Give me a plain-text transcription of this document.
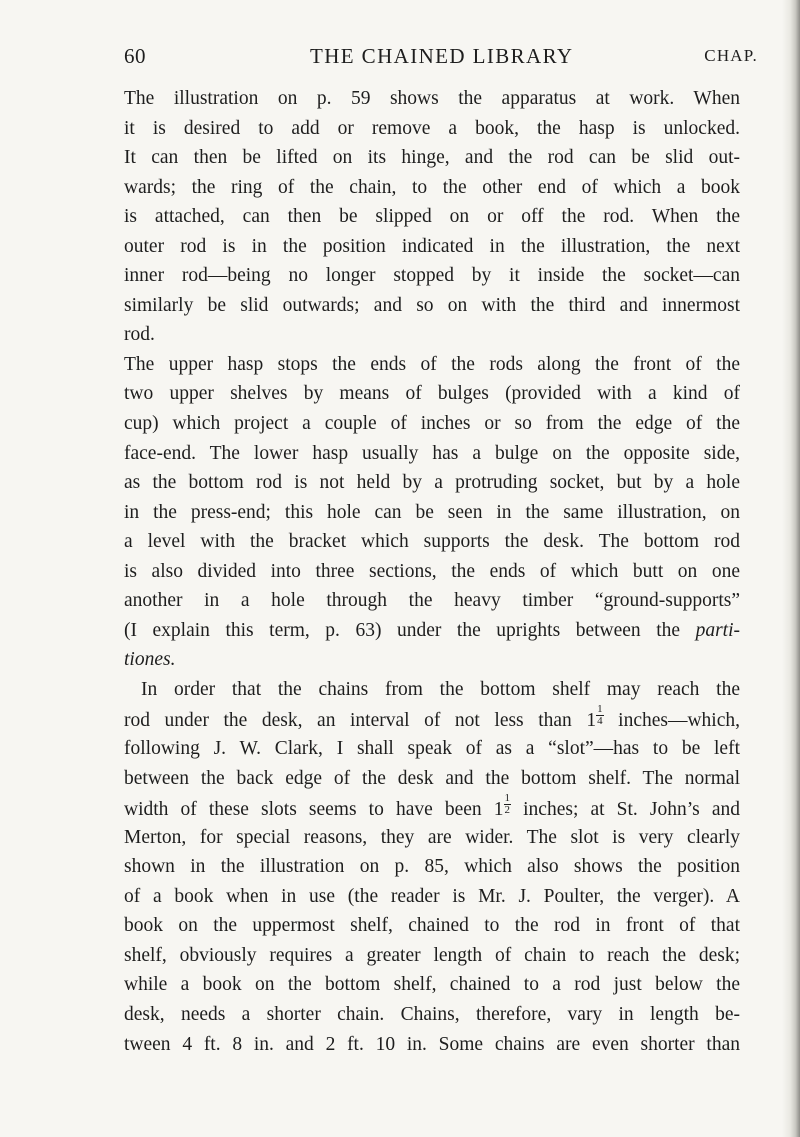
60	THE CHAINED LIBRARY	CHAP.
The illustration on p. 59 shows the apparatus at work. When
it is desired to add or remove a book, the hasp is unlocked.
It can then be lifted on its hinge, and the rod can be slid out-
wards; the ring of the chain, to the other end of which a book
is attached, can then be slipped on or off the rod. When the
outer rod is in the position indicated in the illustration, the next
inner rod—being no longer stopped by it inside the socket—can
similarly be slid outwards; and so on with the third and innermost
rod.
The upper hasp stops the ends of the rods along the front of the
two upper shelves by means of bulges (provided with a kind of
cup) which project a couple of inches or so from the edge of the
face-end. The lower hasp usually has a bulge on the opposite side,
as the bottom rod is not held by a protruding socket, but by a hole
in the press-end; this hole can be seen in the same illustration, on
a level with the bracket which supports the desk. The bottom rod
is also divided into three sections, the ends of which butt on one
another in a hole through the heavy timber “ground-supports”
(I explain this term, p. 63) under the uprights between the parti-
tiones.
In order that the chains from the bottom shelf may reach the
rod under the desk, an interval of not less than $1 \frac{1}{4}$ inches—which,
following J. W. Clark, I shall speak of as a “slot”—has to be left
between the back edge of the desk and the bottom shelf. The normal
width of these slots seems to have been $1 \frac{1}{2}$ inches; at St. John’s and
Merton, for special reasons, they are wider. The slot is very clearly
shown in the illustration on p. 85, which also shows the position
of a book when in use (the reader is Mr. J. Poulter, the verger). A
book on the uppermost shelf, chained to the rod in front of that
shelf, obviously requires a greater length of chain to reach the desk;
while a book on the bottom shelf, chained to a rod just below the
desk, needs a shorter chain. Chains, therefore, vary in length be-
tween 4 ft. 8 in. and 2 ft. 10 in. Some chains are even shorter than
